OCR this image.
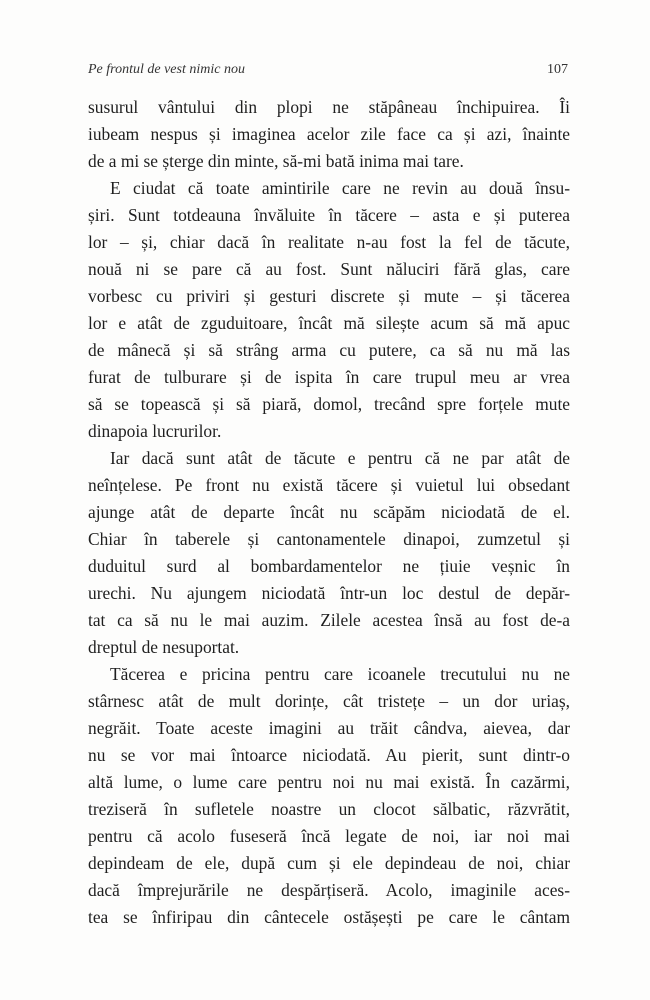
Pe frontul de vest nimic nou	107
susurul vântului din plopi ne stăpâneau închipuirea. Îi
iubeam nespus și imaginea acelor zile face ca și azi, înainte
de a mi se șterge din minte, să-mi bată inima mai tare.
E ciudat că toate amintirile care ne revin au două însu-
șiri. Sunt totdeauna învăluite în tăcere – asta e și puterea
lor – și, chiar dacă în realitate n-au fost la fel de tăcute,
nouă ni se pare că au fost. Sunt năluciri fără glas, care
vorbesc cu priviri și gesturi discrete și mute – și tăcerea
lor e atât de zguduitoare, încât mă silește acum să mă apuc
de mânecă și să strâng arma cu putere, ca să nu mă las
furat de tulburare și de ispita în care trupul meu ar vrea
să se topească și să piară, domol, trecând spre forțele mute
dinapoia lucrurilor.
Iar dacă sunt atât de tăcute e pentru că ne par atât de
neînțelese. Pe front nu există tăcere și vuietul lui obsedant
ajunge atât de departe încât nu scăpăm niciodată de el.
Chiar în taberele și cantonamentele dinapoi, zumzetul și
duduitul surd al bombardamentelor ne țiuie veșnic în
urechi. Nu ajungem niciodată într-un loc destul de depăr-
tat ca să nu le mai auzim. Zilele acestea însă au fost de-a
dreptul de nesuportat.
Tăcerea e pricina pentru care icoanele trecutului nu ne
stârnesc atât de mult dorințe, cât tristețe – un dor uriaș,
negrăit. Toate aceste imagini au trăit cândva, aievea, dar
nu se vor mai întoarce niciodată. Au pierit, sunt dintr-o
altă lume, o lume care pentru noi nu mai există. În cazărmi,
treziseră în sufletele noastre un clocot sălbatic, răzvrătit,
pentru că acolo fuseseră încă legate de noi, iar noi mai
depindeam de ele, după cum și ele depindeau de noi, chiar
dacă împrejurările ne despărțiseră. Acolo, imaginile aces-
tea se înfiripau din cântecele ostășești pe care le cântam
